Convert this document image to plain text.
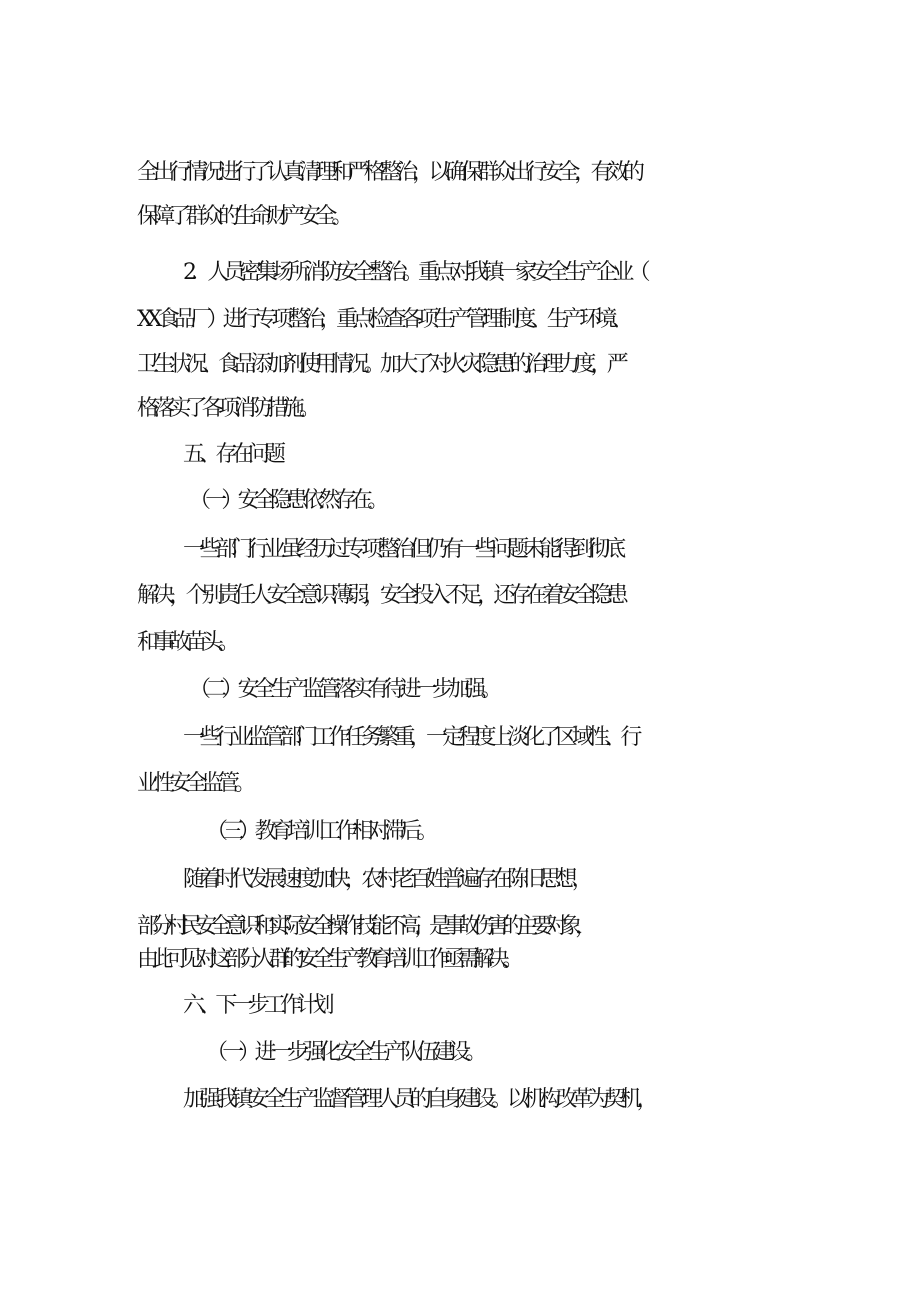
全出行情况进行了认真清理和严格整治，以确保群众出行安全，有效的
保障了群众的生命财产安全。
2．人员密集场所消防安全整治。重点对我镇一家安全生产企业（
XX 食品厂）进行专项整治，重点检查各项生产管理制度、生产环境、
卫生状况、食品添加剂使用情况。加大了对火灾隐患的治理力度，严
格落实了各项消防措施。
五、存在问题
（一）安全隐患依然存在。
一些部门行业虽经历过专项整治但仍有一些问题未能得到彻底
解决，个别责任人安全意识薄弱，安全投入不足，还存在着安全隐患
和事故苗头。
（二）安全生产监管落实有待进一步加强。
一些行业监管部门工作任务繁重，一定程度上淡化了区域性、行
业性安全监管。
（三）教育培训工作相对滞后。
随着时代发展速度加快，农村老百姓普遍存在陈旧思想，
部分村民安全意识和实际安全操作技能不高，是事故伤害的主要对象，
由此可见对这部分人群的安全生产教育培训工作亟需解决。
六、下一步工作计划
（一）进一步强化安全生产队伍建设。
加强我镇安全生产监督管理人员的自身建设。以机构改革为契机，
